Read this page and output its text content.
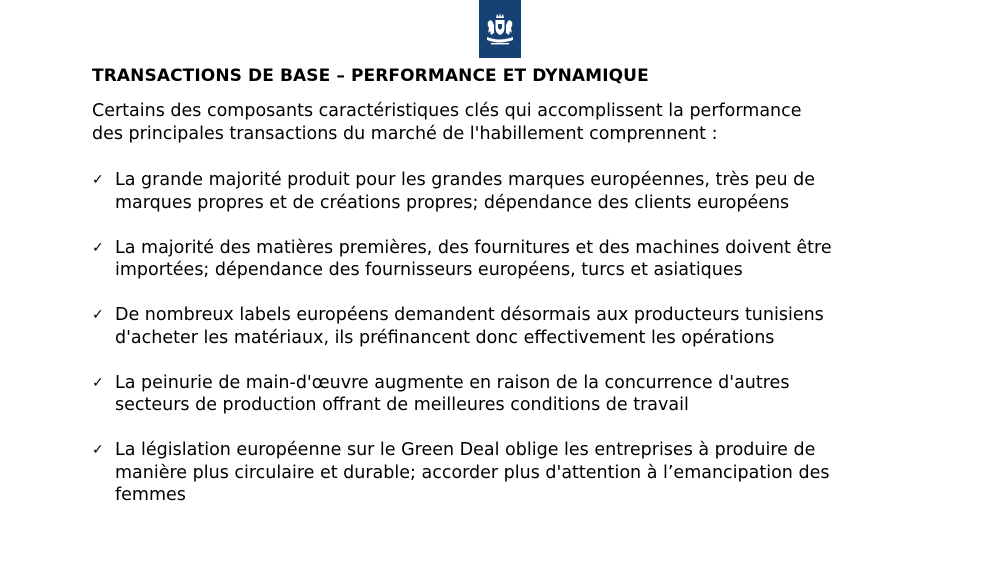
TRANSACTIONS DE BASE – PERFORMANCE ET DYNAMIQUE
Certains des composants caractéristiques clés qui accomplissent la performance
des principales transactions du marché de l'habillement comprennent :
✓ La grande majorité produit pour les grandes marques européennes, très peu de
marques propres et de créations propres; dépendance des clients européens
✓ La majorité des matières premières, des fournitures et des machines doivent être
importées; dépendance des fournisseurs européens, turcs et asiatiques
✓ De nombreux labels européens demandent désormais aux producteurs tunisiens
d'acheter les matériaux, ils préfinancent donc effectivement les opérations
✓ La peinurie de main-d'œuvre augmente en raison de la concurrence d'autres
secteurs de production offrant de meilleures conditions de travail
✓ La législation européenne sur le Green Deal oblige les entreprises à produire de
manière plus circulaire et durable; accorder plus d'attention à l’emancipation des
femmes
